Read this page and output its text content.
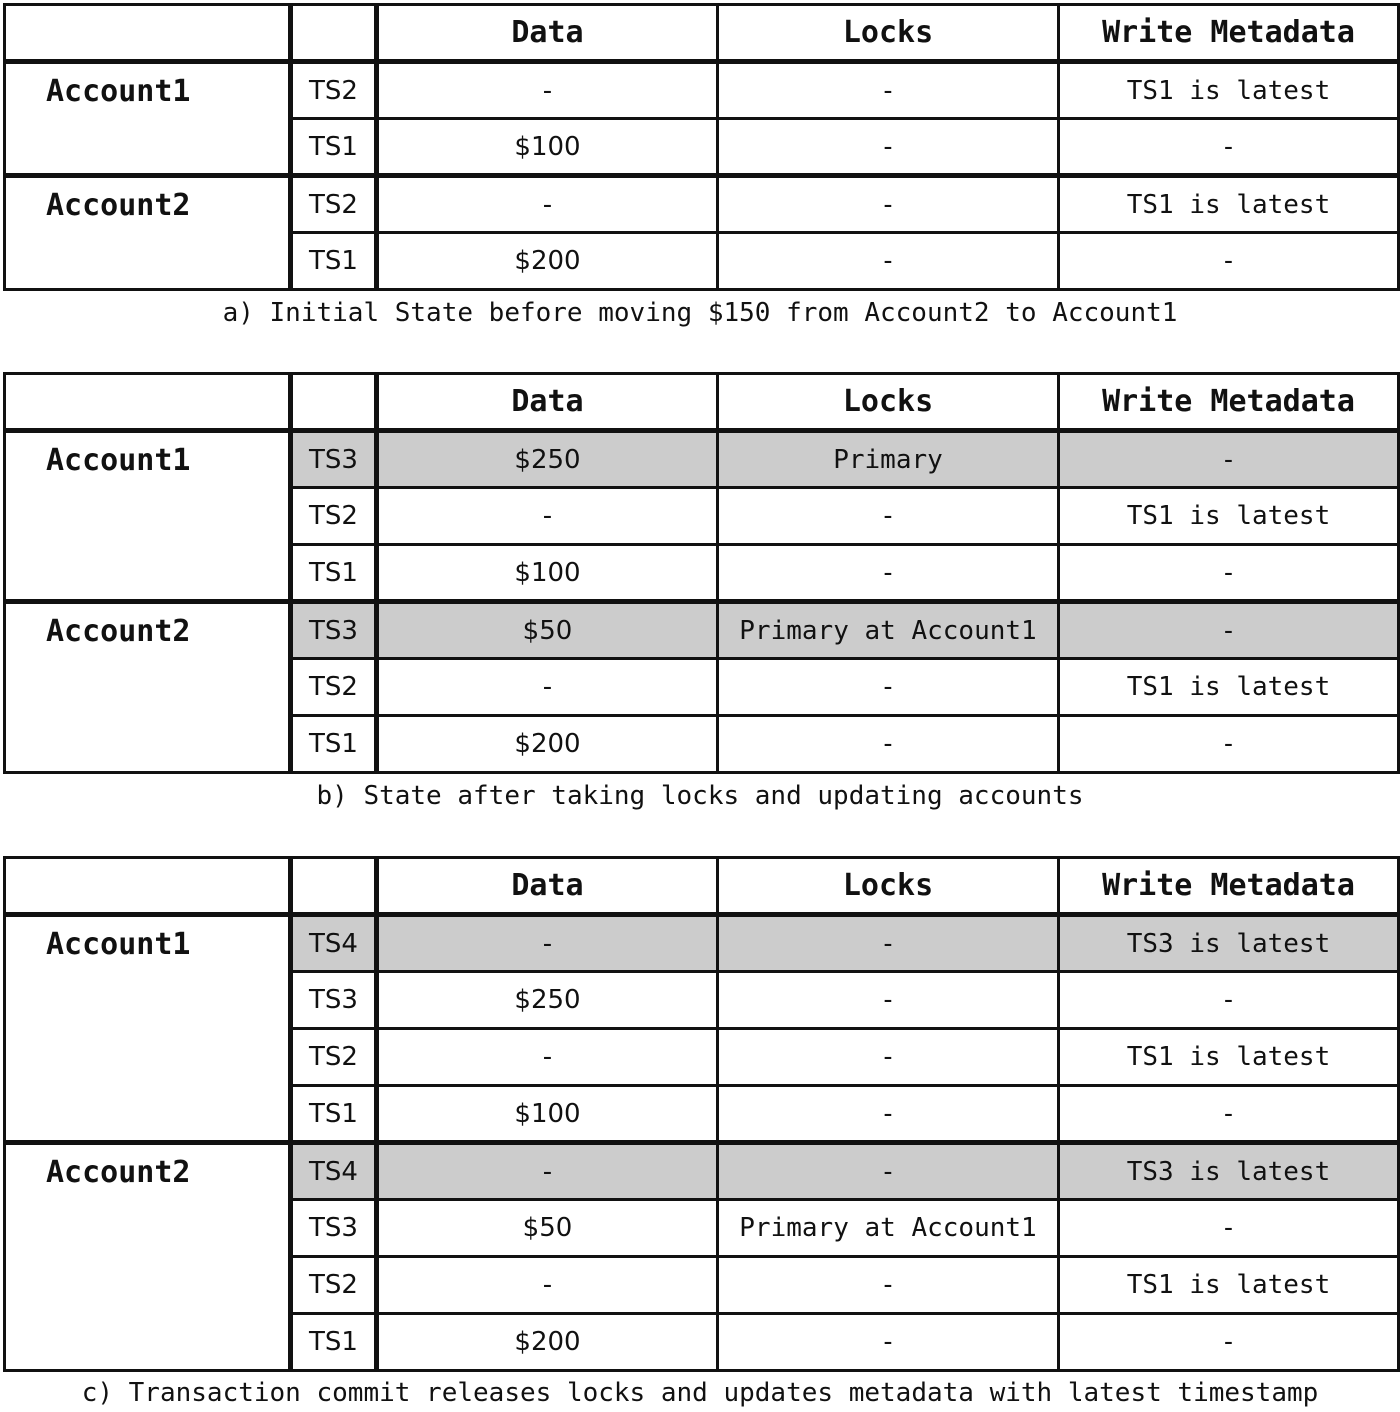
		Data	Locks	Write Metadata
Account1	TS2	-	-	TS1 is latest
	TS1	$100	-	-
Account2	TS2	-	-	TS1 is latest
	TS1	$200	-	-
a) Initial State before moving $150 from Account2 to Account1
		Data	Locks	Write Metadata
Account1	TS3	$250	Primary	-
	TS2	-	-	TS1 is latest
	TS1	$100	-	-
Account2	TS3	$50	Primary at Account1	-
	TS2	-	-	TS1 is latest
	TS1	$200	-	-
b) State after taking locks and updating accounts
		Data	Locks	Write Metadata
Account1	TS4	-	-	TS3 is latest
	TS3	$250	-	-
	TS2	-	-	TS1 is latest
	TS1	$100	-	-
Account2	TS4	-	-	TS3 is latest
	TS3	$50	Primary at Account1	-
	TS2	-	-	TS1 is latest
	TS1	$200	-	-
c) Transaction commit releases locks and updates metadata with latest timestamp
